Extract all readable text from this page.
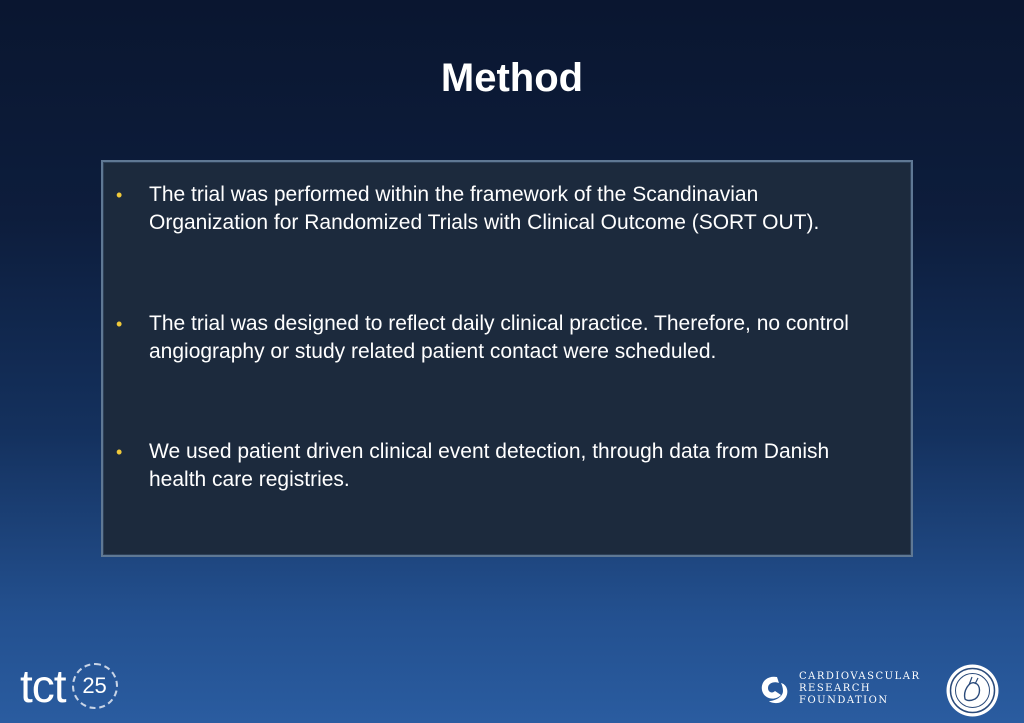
Method
• The trial was performed within the framework of the Scandinavian Organization for Randomized Trials with Clinical Outcome (SORT OUT).
• The trial was designed to reflect daily clinical practice. Therefore, no control angiography or study related patient contact were scheduled.
• We used patient driven clinical event detection, through data from Danish health care registries.
tct 25	CARDIOVASCULAR
RESEARCH
FOUNDATION
